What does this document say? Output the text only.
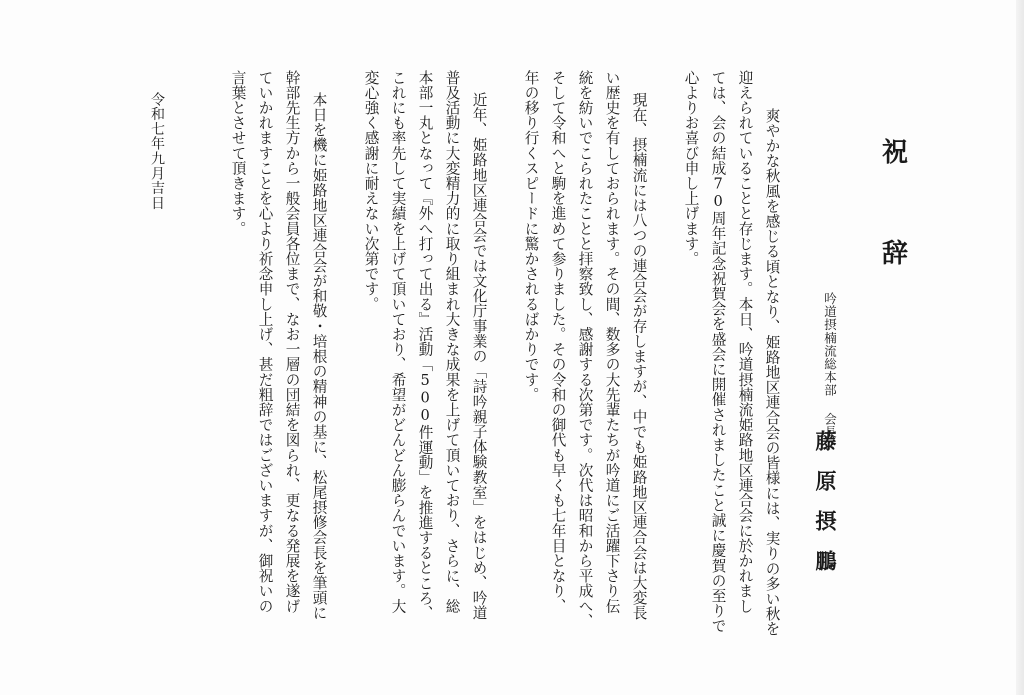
祝
辞
吟道摂楠流総本部 会長
藤原摂鵬
爽やかな秋風を感じる頃となり、姫路地区連合会の皆様には、実りの多い秋を
迎えられていることと存じます。本日、吟道摂楠流姫路地区連合会に於かれまし
ては、会の結成70周年記念祝賀会を盛会に開催されましたこと誠に慶賀の至りで
心よりお喜び申し上げます。
現在、摂楠流には八つの連合会が存しますが、中でも姫路地区連合会は大変長
い歴史を有しておられます。その間、数多の大先輩たちが吟道にご活躍下さり伝
統を紡いでこられたことと拝察致し、感謝する次第です。次代は昭和から平成へ、
そして令和へと駒を進めて参りました。その令和の御代も早くも七年目となり、
年の移り行くスピードに驚かされるばかりです。
近年、姫路地区連合会では文化庁事業の「詩吟親子体験教室」をはじめ、吟道
普及活動に大変精力的に取り組まれ大きな成果を上げて頂いており、さらに、総
本部一丸となって『外へ打って出る』活動「500件運動」を推進するところ、
これにも率先して実績を上げて頂いており、希望がどんどん膨らんでいます。大
変心強く感謝に耐えない次第です。
本日を機に姫路地区連合会が和敬・培根の精神の基に、松尾摂修会長を筆頭に
幹部先生方から一般会員各位まで、なお一層の団結を図られ、更なる発展を遂げ
ていかれますことを心より祈念申し上げ、甚だ粗辞ではございますが、御祝いの
言葉とさせて頂きます。
令和七年九月吉日
